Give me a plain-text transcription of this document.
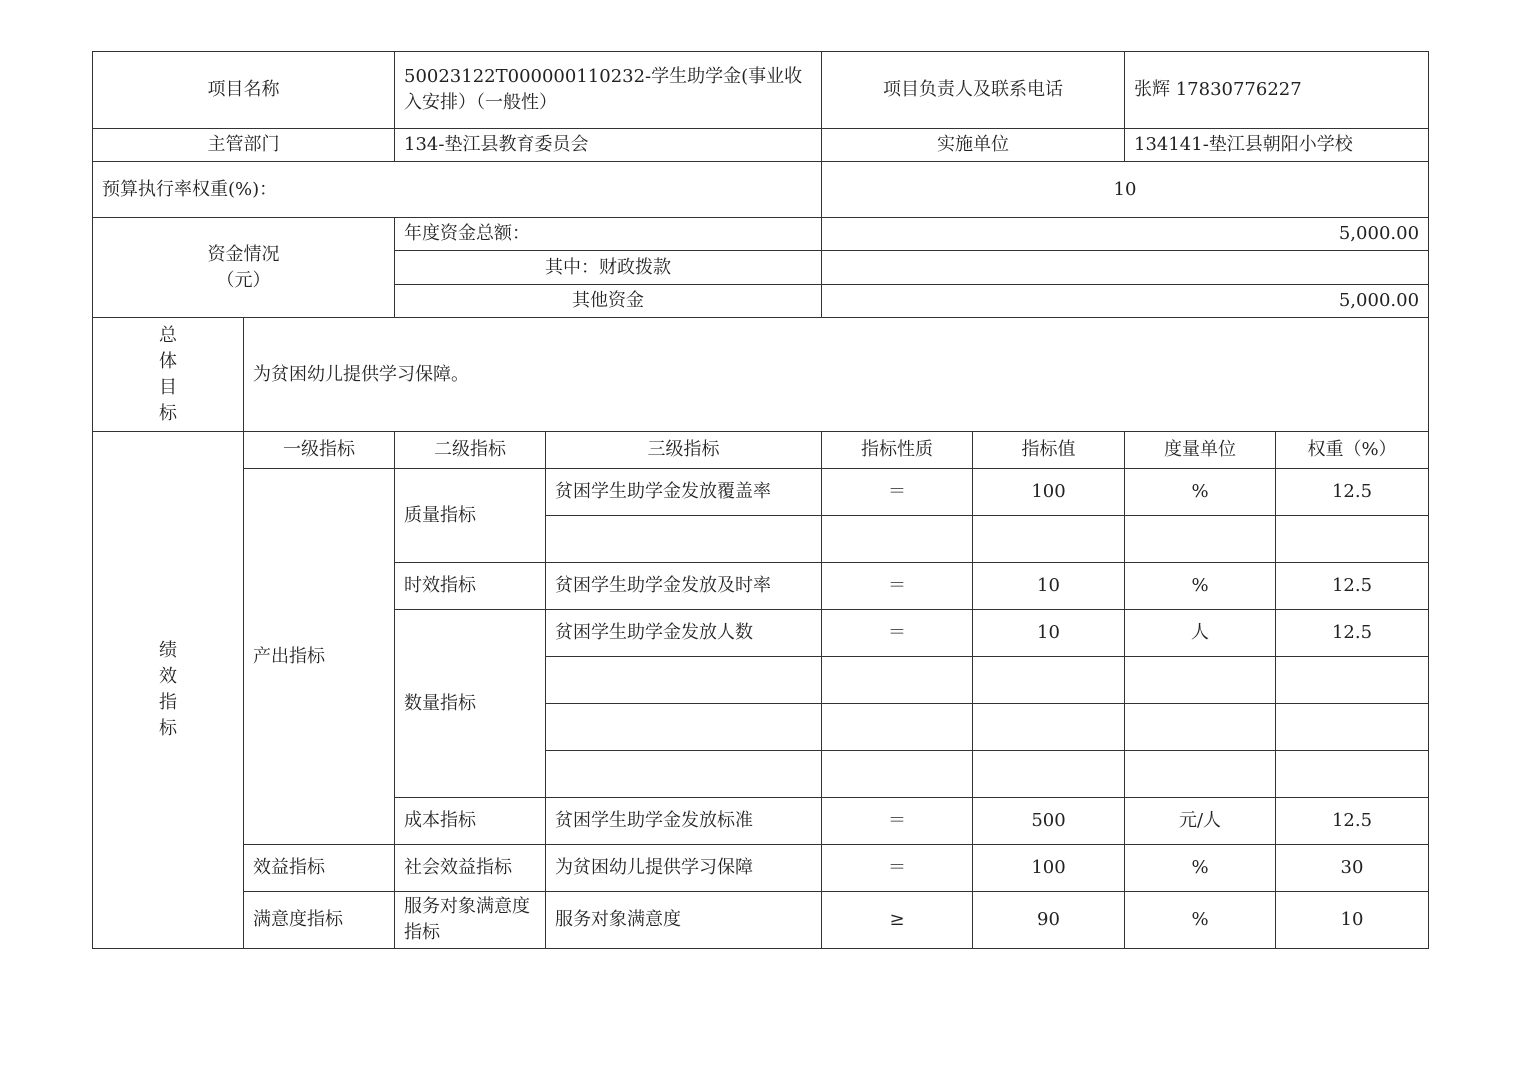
项目名称		50023122T000000110232-学生助学金(事业收入安排）（一般性）		项目负责人及联系电话		张辉 17830776227	
主管部门		134-垫江县教育委员会		实施单位		134141-垫江县朝阳小学校	
预算执行率权重(%)：				10			

资金情况
（元）		年度资金总额：		5,000.00			
		其中：财政拨款					
		其他资金		5,000.00			

总
体
目
标	为贫困幼儿提供学习保障。						

绩
效
指
标	一级指标	二级指标	三级指标	指标性质	指标值	度量单位	权重（%）
	产出指标	质量指标	贫困学生助学金发放覆盖率	＝	100	%	12.5

		时效指标	贫困学生助学金发放及时率	＝	10	%	12.5
		数量指标	贫困学生助学金发放人数	＝	10	人	12.5

		成本指标	贫困学生助学金发放标准	＝	500	元/人	12.5
	效益指标	社会效益指标	为贫困幼儿提供学习保障	＝	100	%	30
	满意度指标	服务对象满意度指标	服务对象满意度	≥	90	%	10
